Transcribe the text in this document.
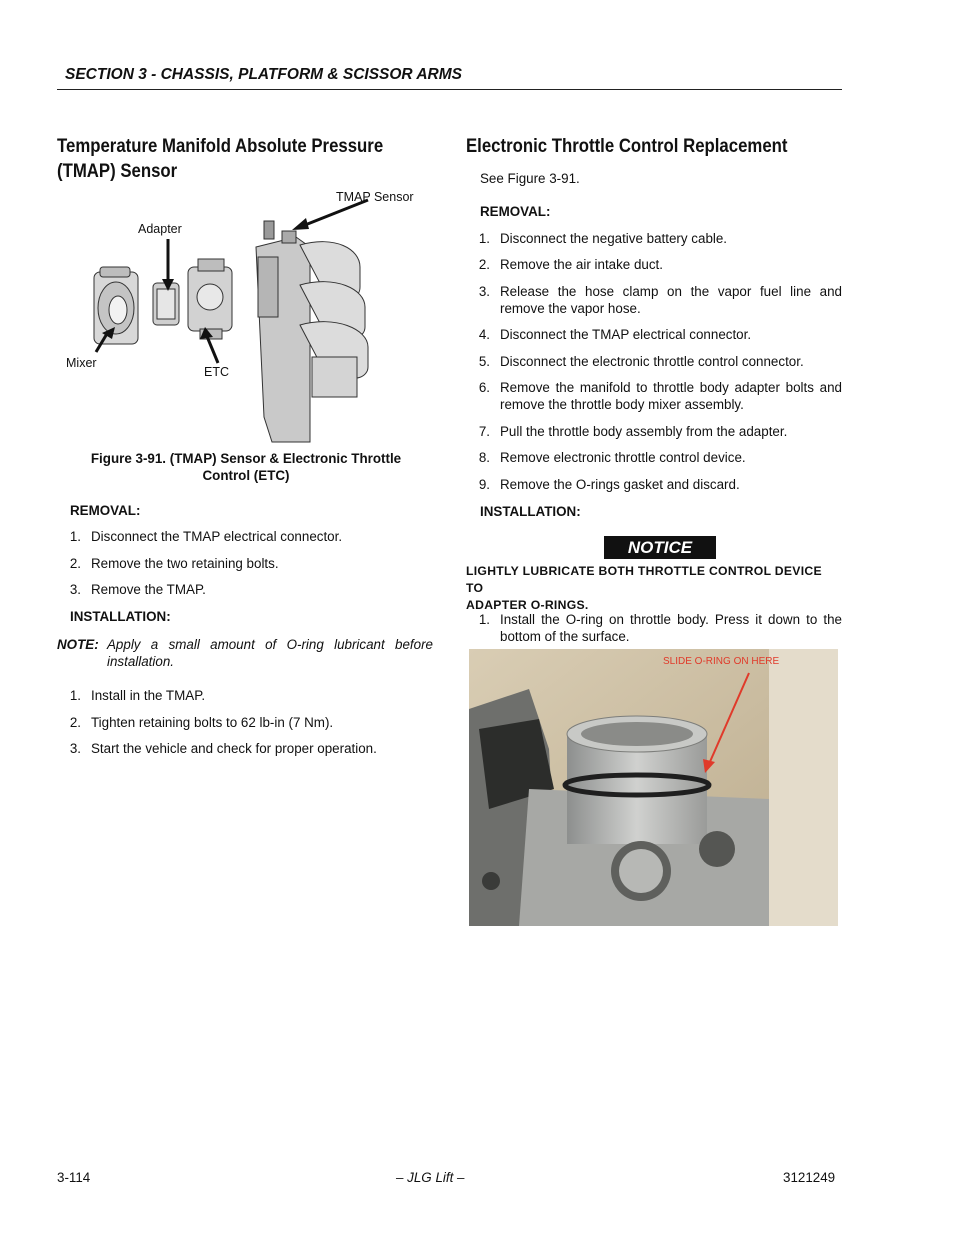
SECTION 3 - CHASSIS, PLATFORM & SCISSOR ARMS
Temperature Manifold Absolute Pressure
(TMAP) Sensor
TMAP Sensor
Adapter
Mixer
ETC
Figure 3-91. (TMAP) Sensor & Electronic Throttle
Control (ETC)
REMOVAL:
1. Disconnect the TMAP electrical connector.
2. Remove the two retaining bolts.
3. Remove the TMAP.
INSTALLATION:
NOTE: Apply a small amount of O-ring lubricant before installation.
1. Install in the TMAP.
2. Tighten retaining bolts to 62 lb-in (7 Nm).
3. Start the vehicle and check for proper operation.
Electronic Throttle Control Replacement
See Figure 3-91.
REMOVAL:
1. Disconnect the negative battery cable.
2. Remove the air intake duct.
3. Release the hose clamp on the vapor fuel line and remove the vapor hose.
4. Disconnect the TMAP electrical connector.
5. Disconnect the electronic throttle control connector.
6. Remove the manifold to throttle body adapter bolts and remove the throttle body mixer assembly.
7. Pull the throttle body assembly from the adapter.
8. Remove electronic throttle control device.
9. Remove the O-rings gasket and discard.
INSTALLATION:
NOTICE
LIGHTLY LUBRICATE BOTH THROTTLE CONTROL DEVICE TO
ADAPTER O-RINGS.
1. Install the O-ring on throttle body. Press it down to the bottom of the surface.
SLIDE O-RING ON HERE
3-114	– JLG Lift –	3121249
